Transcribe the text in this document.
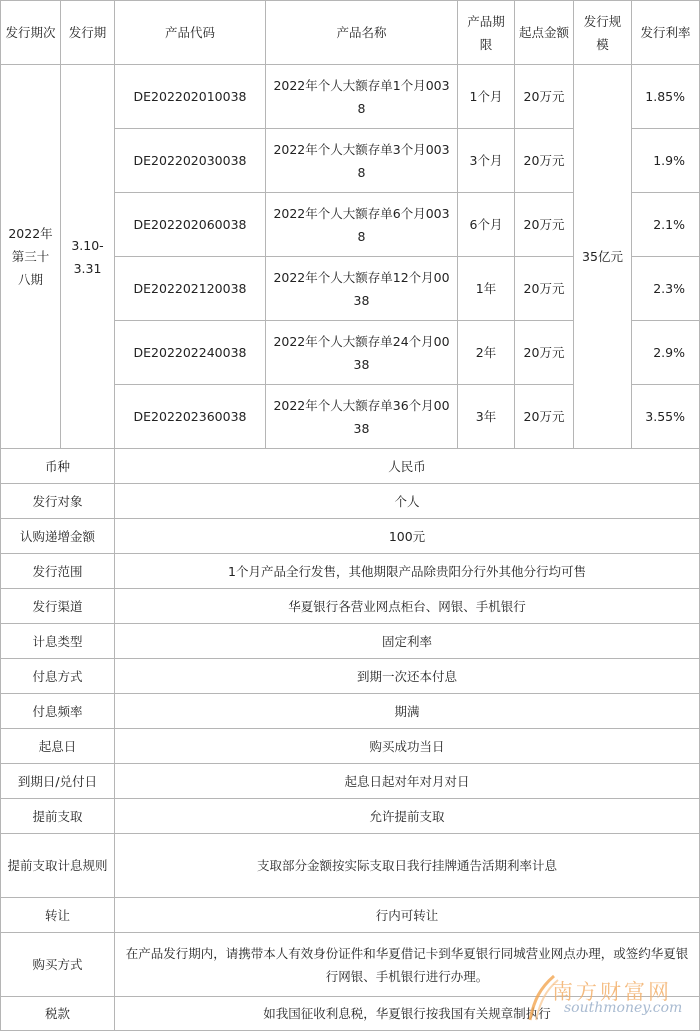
发行期次	发行期	产品代码	产品名称	产品期限	起点金额	发行规模	发行利率
2022年第三十八期	3.10-3.31	DE202202010038	2022年个人大额存单1个月0038	1个月	20万元	35亿元	1.85%
		DE202202030038	2022年个人大额存单3个月0038	3个月	20万元		1.9%
		DE202202060038	2022年个人大额存单6个月0038	6个月	20万元		2.1%
		DE202202120038	2022年个人大额存单12个月0038	1年	20万元		2.3%
		DE202202240038	2022年个人大额存单24个月0038	2年	20万元		2.9%
		DE202202360038	2022年个人大额存单36个月0038	3年	20万元		3.55%
币种		人民币					
发行对象		个人					
认购递增金额		100元					
发行范围		1个月产品全行发售，其他期限产品除贵阳分行外其他分行均可售					
发行渠道		华夏银行各营业网点柜台、网银、手机银行					
计息类型		固定利率					
付息方式		到期一次还本付息					
付息频率		期满					
起息日		购买成功当日					
到期日/兑付日		起息日起对年对月对日					
提前支取		允许提前支取					
提前支取计息规则		支取部分金额按实际支取日我行挂牌通告活期利率计息					
转让		行内可转让					
购买方式		在产品发行期内，请携带本人有效身份证件和华夏借记卡到华夏银行同城营业网点办理，或签约华夏银行网银、手机银行进行办理。					
税款		如我国征收利息税，华夏银行按我国有关规章制执行					
南方财富网
southmoney.com
